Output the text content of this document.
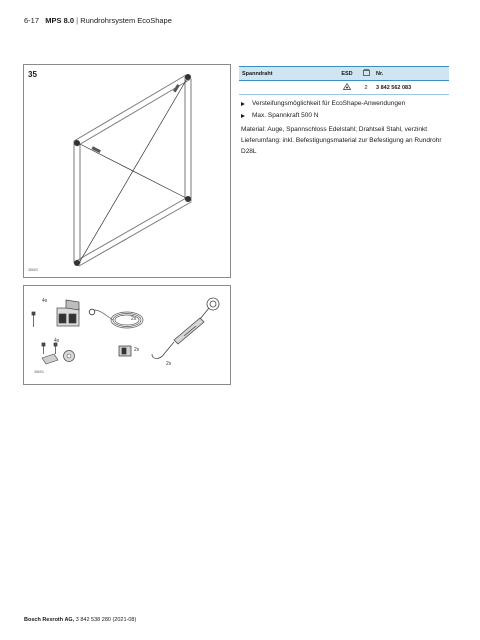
6-17 MPS 8.0 | Rundrohrsystem EcoShape
35
38653
4x
4x
2x
2x
2x
38654
Spanndraht	ESD		Nr.
		2	3 842 562 083
Versteifungsmöglichkeit für EcoShape-Anwendungen
Max. Spannkraft 500 N

Material: Auge, Spannschloss Edelstahl; Drahtseil Stahl, verzinkt

Lieferumfang: inkl. Befestigungsmaterial zur Befestigung an Rundrohr D28L

Bosch Rexroth AG, 3 842 538 280 (2021-08)
